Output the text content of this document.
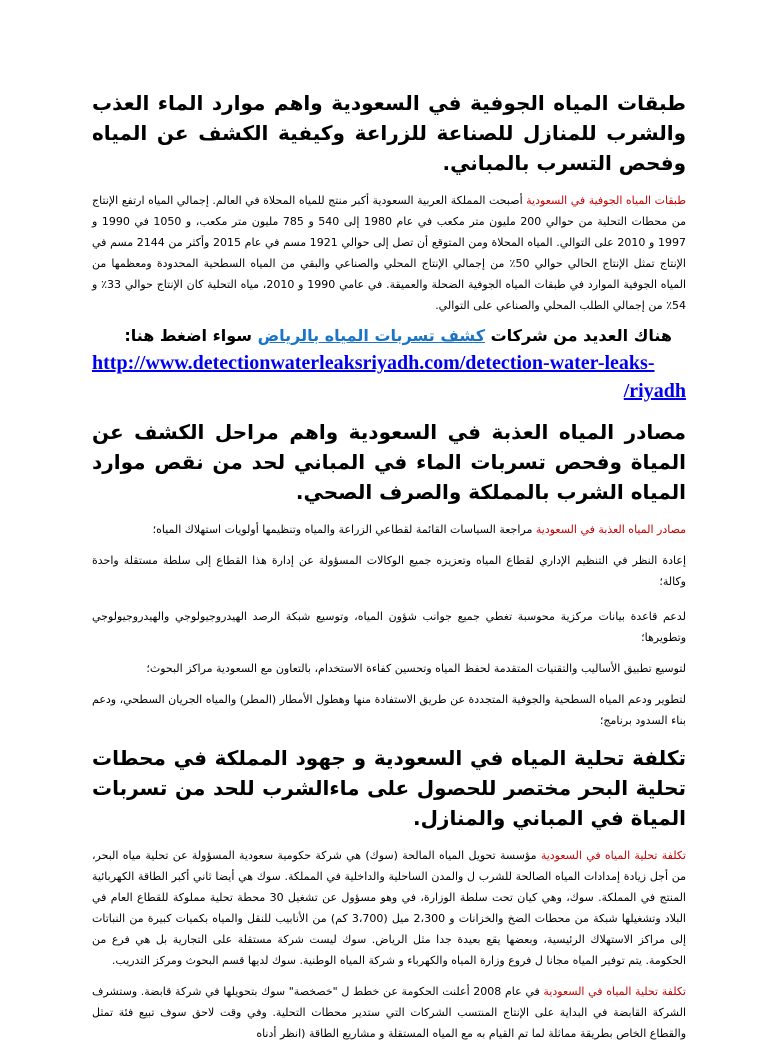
طبقات المياه الجوفية في السعودية واهم موارد الماء العذب والشرب للمنازل للصناعة للزراعة وكيفية الكشف عن المياه وفحص التسرب بالمباني.
طبقات المياه الجوفية في السعودية أصبحت المملكة العربية السعودية أكبر منتج للمياه المحلاة في العالم. إجمالي المياه ارتفع الإنتاج من محطات التحلية من حوالي 200 مليون متر مكعب في عام 1980 إلى 540 و 785 مليون متر مكعب، و 1050 في 1990 و 1997 و 2010 على التوالي. المياه المحلاة ومن المتوقع أن تصل إلى حوالي 1921 مسم في عام 2015 وأكثر من 2144 مسم في الإنتاج تمثل الإنتاج الحالي حوالي 50٪ من إجمالي الإنتاج المحلي والصناعي والبقي من المياه السطحية المحدودة ومعظمها من المياه الجوفية الموارد في طبقات المياه الجوفية الضحلة والعميقة. في عامي 1990 و 2010، مياه التحلية كان الإنتاج حوالي 33٪ و 54٪ من إجمالي الطلب المحلي والصناعي على التوالي.
هناك العديد من شركات كشف تسربات المياه بالرياض سواء اضغط هنا:
http://www.detectionwaterleaksriyadh.com/detection-water-leaks-
/riyadh
مصادر المياه العذبة في السعودية واهم مراحل الكشف عن المياة وفحص تسربات الماء في المباني لحد من نقص موارد المياه الشرب بالمملكة والصرف الصحي.
مصادر المياه العذبة في السعودية مراجعة السياسات القائمة لقطاعي الزراعة والمياه وتنظيمها أولويات استهلاك المياه؛
إعادة النظر في التنظيم الإداري لقطاع المياه وتعزيزه جميع الوكالات المسؤولة عن إدارة هذا القطاع إلى سلطة مستقلة واحدة وكالة؛
لدعم قاعدة بيانات مركزية محوسبة تغطي جميع جوانب شؤون المياه، وتوسيع شبكة الرصد الهيدروجيولوجي والهيدروجيولوجي وتطويرها؛
لتوسيع تطبيق الأساليب والتقنيات المتقدمة لحفظ المياه وتحسين كفاءة الاستخدام، بالتعاون مع السعودية مراكز البحوث؛
لتطوير ودعم المياه السطحية والجوفية المتجددة عن طريق الاستفادة منها وهطول الأمطار (المطر) والمياه الجريان السطحي، ودعم بناء السدود برنامج؛
تكلفة تحلية المياه في السعودية و جهود المملكة في محطات تحلية البحر مختصر للحصول على ماءالشرب للحد من تسربات المياة في المباني والمنازل.
تكلفة تحلية المياه في السعودية مؤسسة تحويل المياه المالحة (سوك) هي شركة حكومية سعودية المسؤولة عن تحلية مياه البحر، من أجل زيادة إمدادات المياه الصالحة للشرب ل والمدن الساحلية والداخلية في المملكة. سوك هي أيضا ثاني أكبر الطاقة الكهربائية المنتج في المملكة. سوك، وهي كيان تحت سلطة الوزارة، في وهو مسؤول عن تشغيل 30 محطة تحلية مملوكة للقطاع العام في البلاد وتشغيلها شبكة من محطات الضخ والخزانات و 2،300 ميل (3،700 كم) من الأنابيب للنقل والمياه بكميات كبيرة من النباتات إلى مراكز الاستهلاك الرئيسية، وبعضها يقع بعيدة جدا مثل الرياض. سوك ليست شركة مستقلة على التجارية بل هي فرع من الحكومة. يتم توفير المياه مجانا ل فروع وزارة المياه والكهرباء و شركة المياه الوطنية. سوك لديها قسم البحوث ومركز التدريب.
تكلفة تحلية المياه في السعودية في عام 2008 أعلنت الحكومة عن خطط ل "خصخصة" سوك بتحويلها في شركة قابضة. وستشرف الشركة القابضة في البداية على الإنتاج المنتسب الشركات التي ستدير محطات التحلية. وفي وقت لاحق سوف تبيع فئة تمثل والقطاع الخاص بطريقة مماثلة لما تم القيام به مع المياه المستقلة و مشاريع الطاقة (انظر أدناه
